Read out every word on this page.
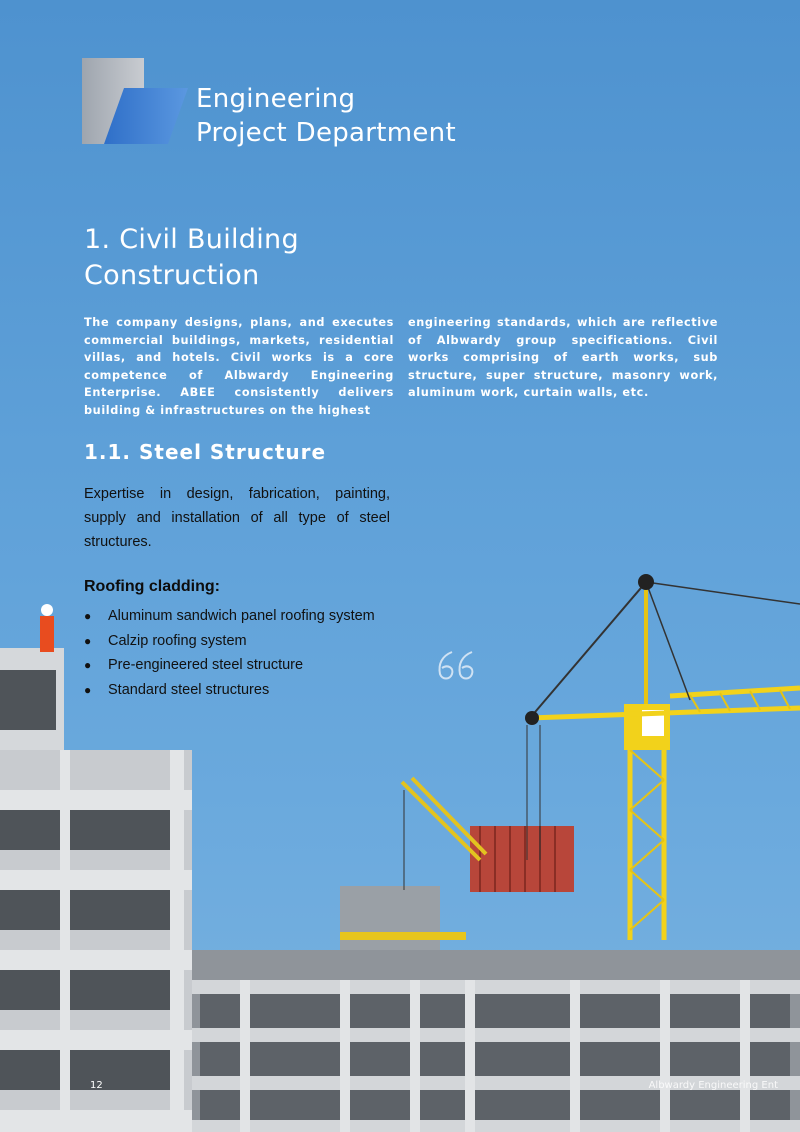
Engineering
Project Department
1. Civil Building
Construction
The company designs, plans, and executes commercial buildings, markets, residential villas, and hotels. Civil works is a core competence of Albwardy Engineering Enterprise. ABEE consistently delivers building & infrastructures on the highest
engineering standards, which are reflective of Albwardy group specifications. Civil works comprising of earth works, sub structure, super structure, masonry work, aluminum work, curtain walls, etc.
1.1. Steel Structure
Expertise in design, fabrication, painting, supply and installation of all type of steel structures.
Roofing cladding:
●	Aluminum sandwich panel roofing system
●	Calzip roofing system
●	Pre-engineered steel structure
●	Standard steel structures
12	Albwardy Engineering Ent
